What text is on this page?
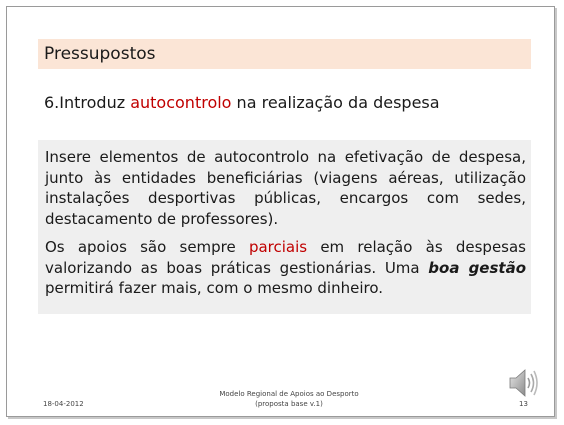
Pressupostos
6.Introduz autocontrolo na realização da despesa

Insere elementos de autocontrolo na efetivação de despesa, junto às entidades beneficiárias (viagens aéreas, utilização instalações desportivas públicas, encargos com sedes, destacamento de professores).

Os apoios são sempre parciais em relação às despesas valorizando as boas práticas gestionárias. Uma boa gestão permitirá fazer mais, com o mesmo dinheiro.

18-04-2012
Modelo Regional de Apoios ao Desporto
(proposta base v.1)	13
